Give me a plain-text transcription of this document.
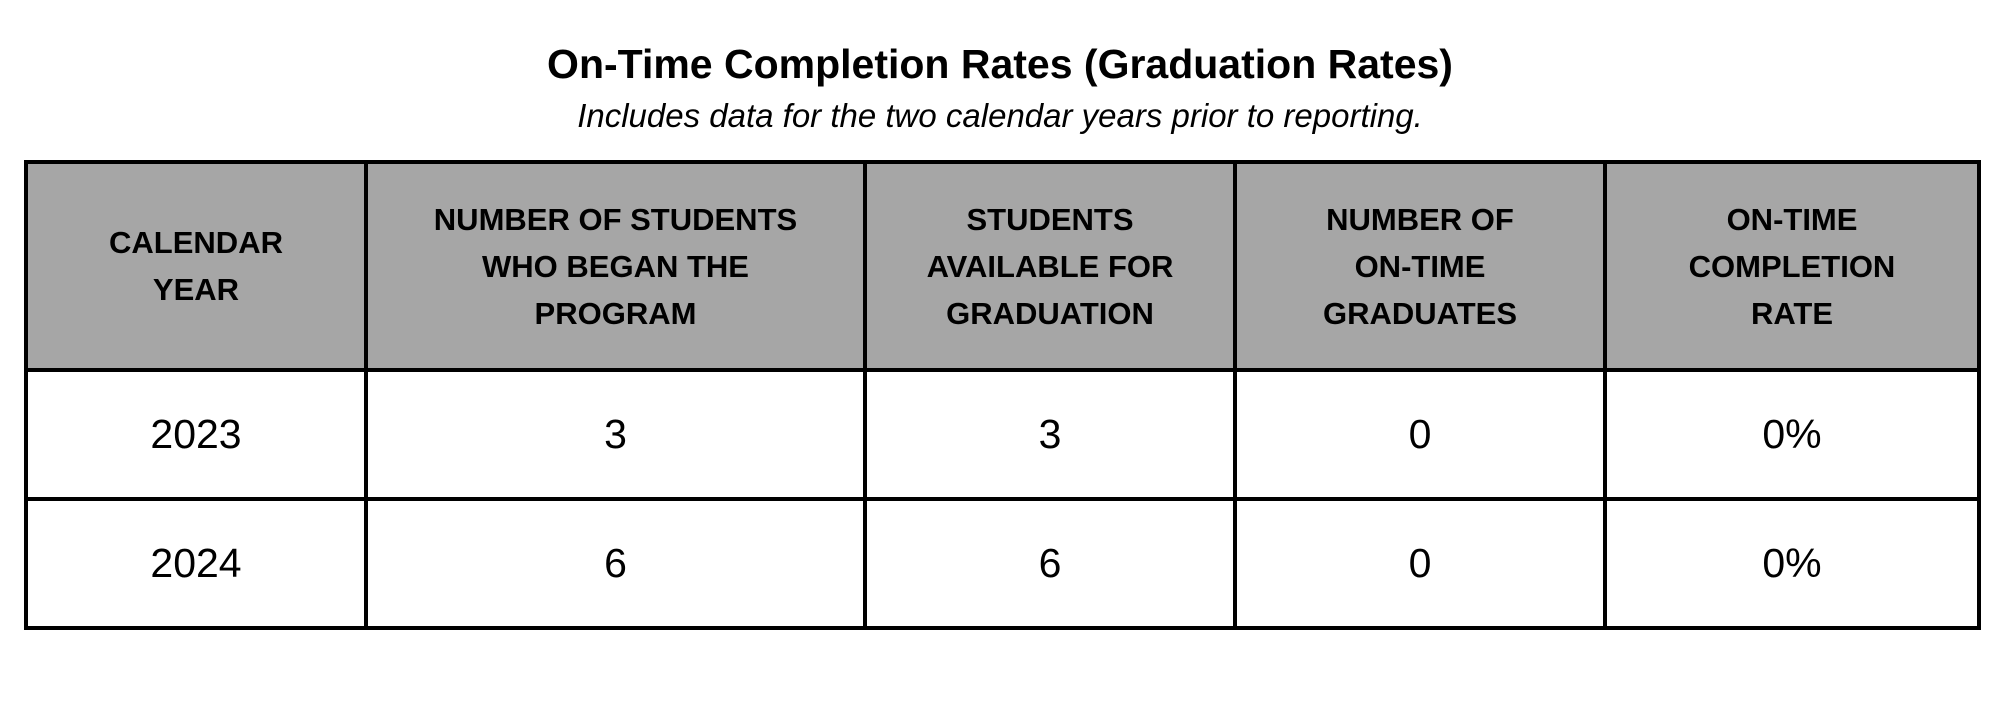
On-Time Completion Rates (Graduation Rates)
Includes data for the two calendar years prior to reporting.
CALENDAR YEAR	NUMBER OF STUDENTS WHO BEGAN THE PROGRAM	STUDENTS AVAILABLE FOR GRADUATION	NUMBER OF ON-TIME GRADUATES	ON-TIME COMPLETION RATE
2023	3	3	0	0%
2024	6	6	0	0%
